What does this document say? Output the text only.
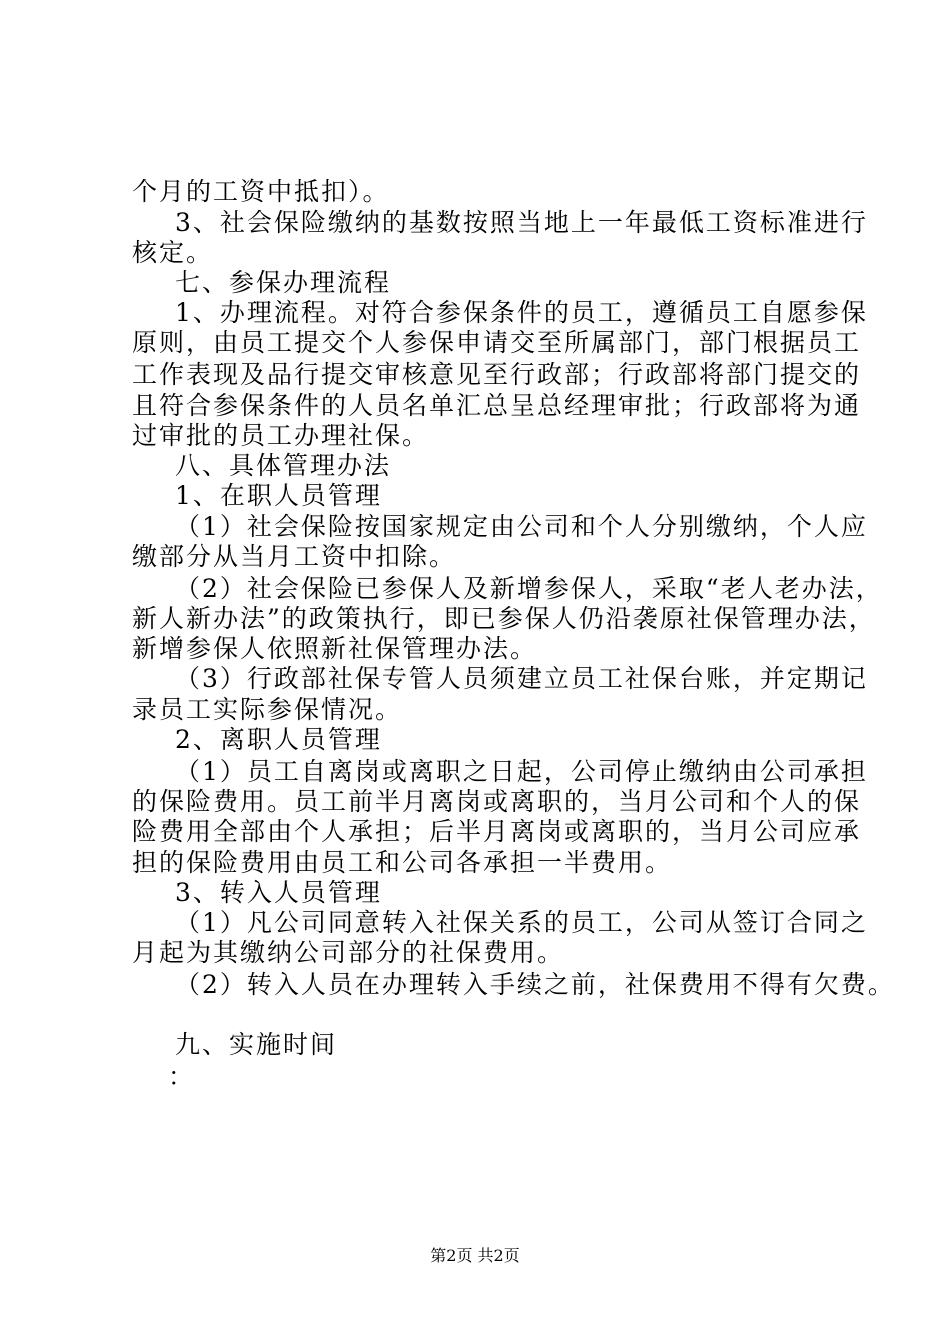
个月的工资中抵扣）。
3、社会保险缴纳的基数按照当地上一年最低工资标准进行
核定。
七、参保办理流程
1、办理流程。对符合参保条件的员工，遵循员工自愿参保
原则，由员工提交个人参保申请交至所属部门，部门根据员工
工作表现及品行提交审核意见至行政部；行政部将部门提交的
且符合参保条件的人员名单汇总呈总经理审批；行政部将为通
过审批的员工办理社保。
八、具体管理办法
1、在职人员管理
（1）社会保险按国家规定由公司和个人分别缴纳，个人应
缴部分从当月工资中扣除。
（2）社会保险已参保人及新增参保人，采取“老人老办法，
新人新办法”的政策执行，即已参保人仍沿袭原社保管理办法，
新增参保人依照新社保管理办法。
（3）行政部社保专管人员须建立员工社保台账，并定期记
录员工实际参保情况。
2、离职人员管理
（1）员工自离岗或离职之日起，公司停止缴纳由公司承担
的保险费用。员工前半月离岗或离职的，当月公司和个人的保
险费用全部由个人承担；后半月离岗或离职的，当月公司应承
担的保险费用由员工和公司各承担一半费用。
3、转入人员管理
（1）凡公司同意转入社保关系的员工，公司从签订合同之
月起为其缴纳公司部分的社保费用。
（2）转入人员在办理转入手续之前，社保费用不得有欠费。
九、实施时间
：
第2页 共2页
